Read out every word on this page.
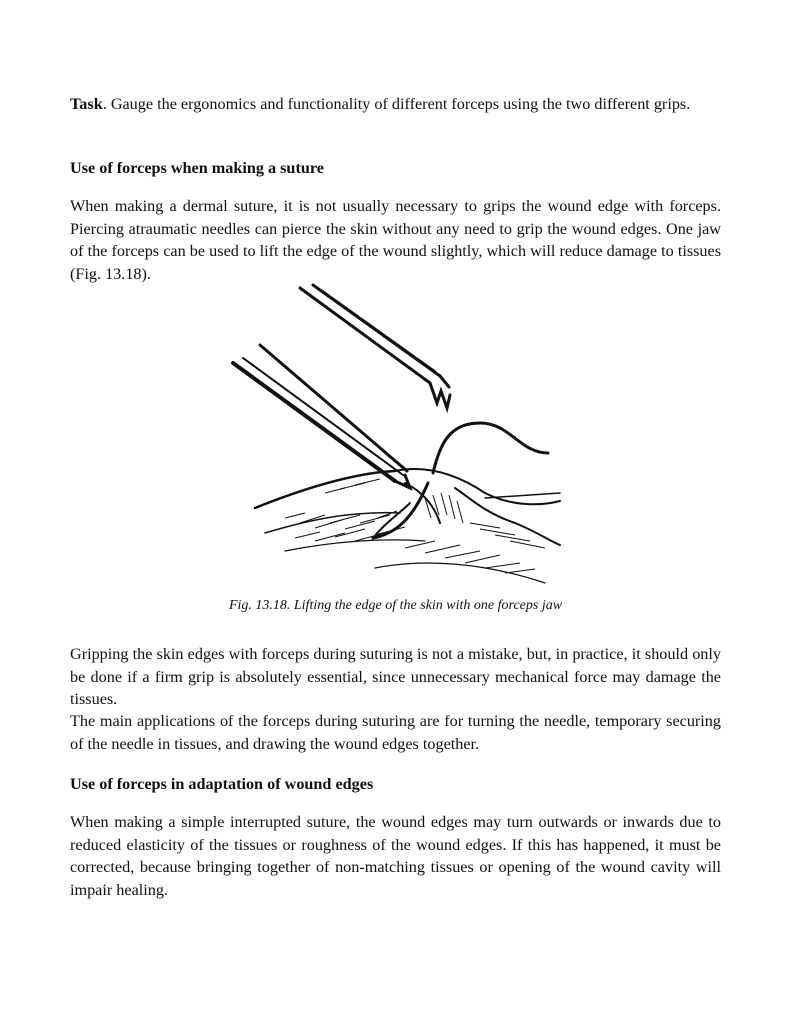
Task. Gauge the ergonomics and functionality of different forceps using the two different grips.

Use of forceps when making a suture

When making a dermal suture, it is not usually necessary to grips the wound edge with forceps. Piercing atraumatic needles can pierce the skin without any need to grip the wound edges. One jaw of the forceps can be used to lift the edge of the wound slightly, which will reduce damage to tissues (Fig. 13.18).

Fig. 13.18. Lifting the edge of the skin with one forceps jaw

Gripping the skin edges with forceps during suturing is not a mistake, but, in practice, it should only be done if a firm grip is absolutely essential, since unnecessary mechanical force may damage the tissues.

The main applications of the forceps during suturing are for turning the needle, temporary securing of the needle in tissues, and drawing the wound edges together.

Use of forceps in adaptation of wound edges

When making a simple interrupted suture, the wound edges may turn outwards or inwards due to reduced elasticity of the tissues or roughness of the wound edges. If this has happened, it must be corrected, because bringing together of non-matching tissues or opening of the wound cavity will impair healing.
